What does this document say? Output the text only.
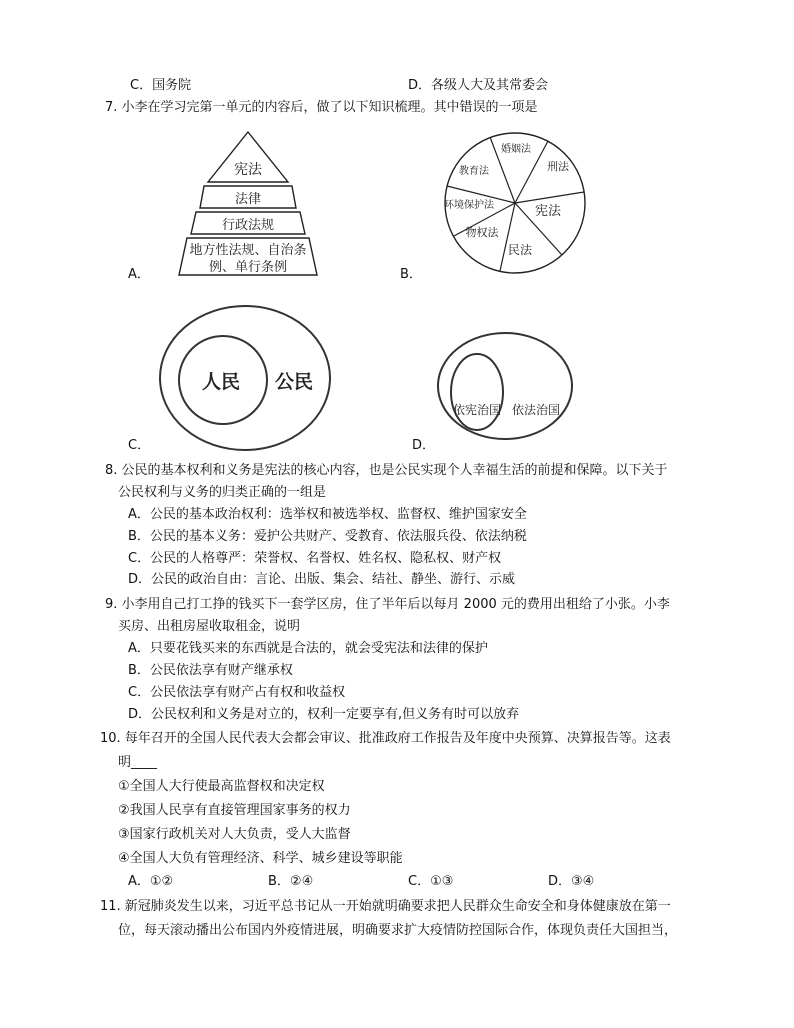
C．国务院	D．各级人大及其常委会
7. 小李在学习完第一单元的内容后，做了以下知识梳理。其中错误的一项是
A．
宪法
法律
行政法规
地方性法规、自治条
例、单行条例	B．
婚姻法
刑法
教育法
环境保护法	宪法
物权法
民法
C．
人民 公民
D．
依宪治国 依法治国
8. 公民的基本权利和义务是宪法的核心内容，也是公民实现个人幸福生活的前提和保障。以下关于
公民权利与义务的归类正确的一组是
A．公民的基本政治权利：选举权和被选举权、监督权、维护国家安全
B．公民的基本义务：爱护公共财产、受教育、依法服兵役、依法纳税
C．公民的人格尊严：荣誉权、名誉权、姓名权、隐私权、财产权
D．公民的政治自由：言论、出版、集会、结社、静坐、游行、示威
9. 小李用自己打工挣的钱买下一套学区房，住了半年后以每月 2000 元的费用出租给了小张。小李
买房、出租房屋收取租金，说明
A．只要花钱买来的东西就是合法的，就会受宪法和法律的保护
B．公民依法享有财产继承权
C．公民依法享有财产占有权和收益权
D．公民权利和义务是对立的，权利一定要享有,但义务有时可以放弃
10. 每年召开的全国人民代表大会都会审议、批准政府工作报告及年度中央预算、决算报告等。这表
明____
①全国人大行使最高监督权和决定权
②我国人民享有直接管理国家事务的权力
③国家行政机关对人大负责，受人大监督
④全国人大负有管理经济、科学、城乡建设等职能
A．①②	B．②④	C．①③	D．③④
11. 新冠肺炎发生以来，习近平总书记从一开始就明确要求把人民群众生命安全和身体健康放在第一
位，每天滚动播出公布国内外疫情进展，明确要求扩大疫情防控国际合作，体现负责任大国担当，
